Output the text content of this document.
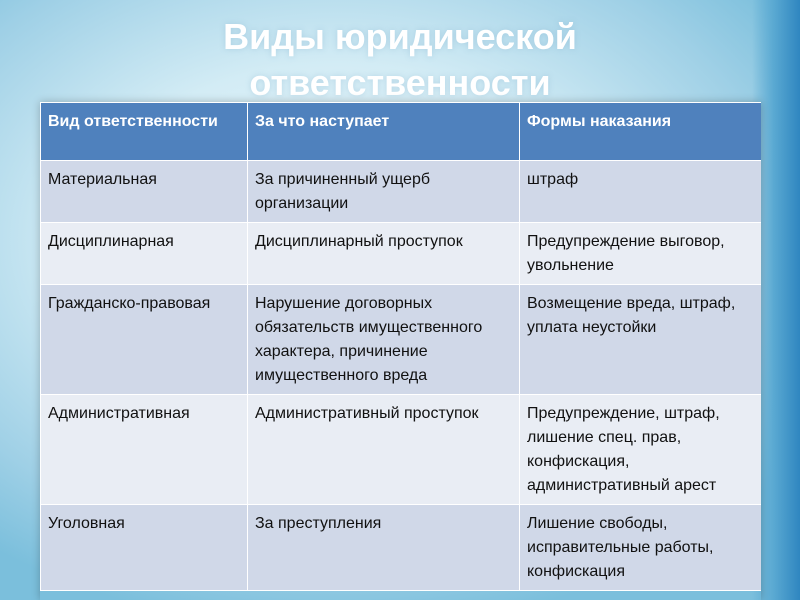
Виды юридической
ответственности
Вид ответственности	За что наступает	Формы наказания
Материальная	За причиненный ущерб организации	штраф
Дисциплинарная	Дисциплинарный проступок	Предупреждение выговор, увольнение
Гражданско-правовая	Нарушение договорных обязательств имущественного характера, причинение имущественного вреда	Возмещение вреда, штраф, уплата неустойки
Административная	Административный проступок	Предупреждение, штраф, лишение спец. прав, конфискация, административный арест
Уголовная	За преступления	Лишение свободы, исправительные работы, конфискация
